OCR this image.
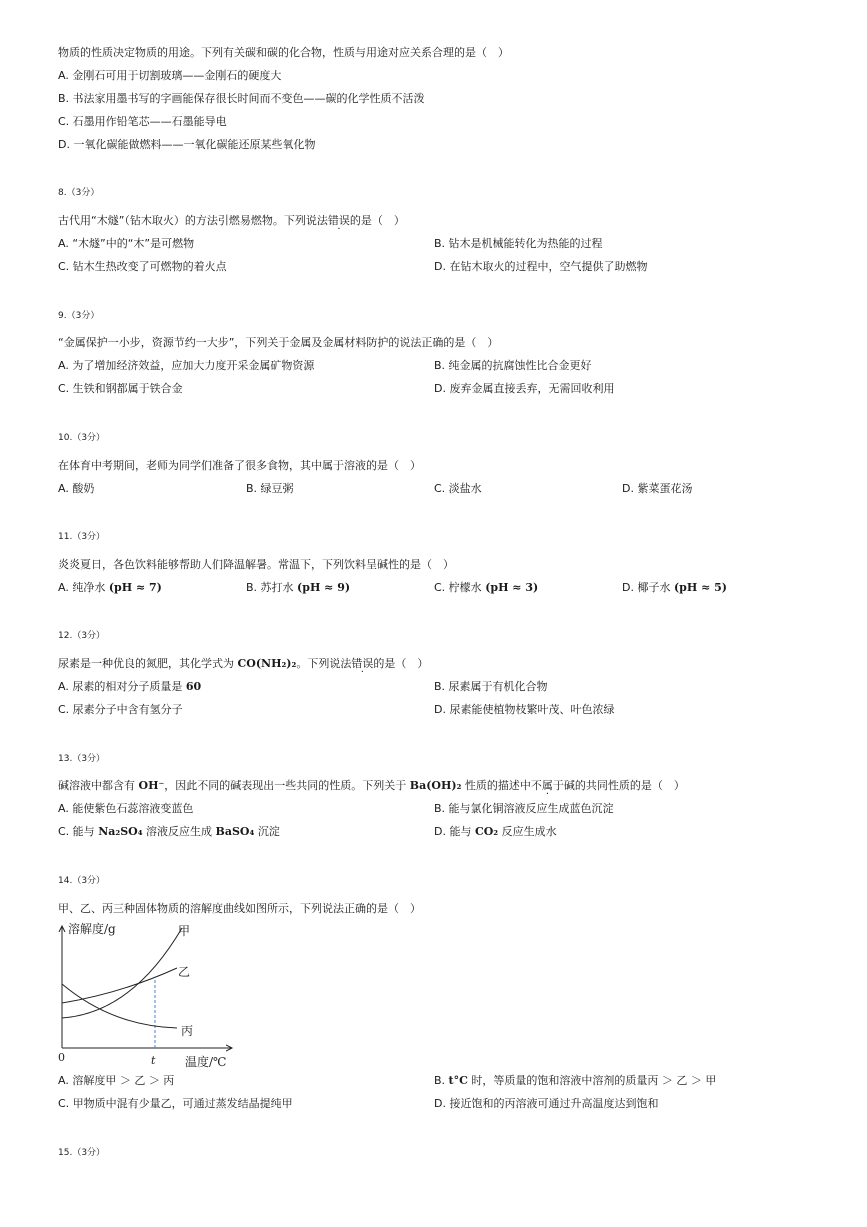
物质的性质决定物质的用途。下列有关碳和碳的化合物，性质与用途对应关系合理的是（　）
A. 金刚石可用于切割玻璃——金刚石的硬度大
B. 书法家用墨书写的字画能保存很长时间而不变色——碳的化学性质不活泼
C. 石墨用作铅笔芯——石墨能导电
D. 一氧化碳能做燃料——一氧化碳能还原某些氧化物
8.（3分）
古代用“木燧”（钻木取火）的方法引燃易燃物。下列说法错误的是（　）
A. “木燧”中的“木”是可燃物	B. 钻木是机械能转化为热能的过程
C. 钻木生热改变了可燃物的着火点	D. 在钻木取火的过程中，空气提供了助燃物
9.（3分）
“金属保护一小步，资源节约一大步”，下列关于金属及金属材料防护的说法正确的是（　）
A. 为了增加经济效益，应加大力度开采金属矿物资源	B. 纯金属的抗腐蚀性比合金更好
C. 生铁和钢都属于铁合金	D. 废弃金属直接丢弃，无需回收利用
10.（3分）
在体育中考期间，老师为同学们准备了很多食物，其中属于溶液的是（　）
A. 酸奶	B. 绿豆粥	C. 淡盐水	D. 紫菜蛋花汤
11.（3分）
炎炎夏日，各色饮料能够帮助人们降温解暑。常温下，下列饮料呈碱性的是（　）
A. 纯净水 (pH ≈ 7)	B. 苏打水 (pH ≈ 9)	C. 柠檬水 (pH ≈ 3)	D. 椰子水 (pH ≈ 5)
12.（3分）
尿素是一种优良的氮肥，其化学式为 CO(NH₂)₂。下列说法错误的是（　）
A. 尿素的相对分子质量是 60	B. 尿素属于有机化合物
C. 尿素分子中含有氢分子	D. 尿素能使植物枝繁叶茂、叶色浓绿
13.（3分）
碱溶液中都含有 OH⁻，因此不同的碱表现出一些共同的性质。下列关于 Ba(OH)₂ 性质的描述中不属于碱的共同性质的是（　）
A. 能使紫色石蕊溶液变蓝色	B. 能与氯化铜溶液反应生成蓝色沉淀
C. 能与 Na₂SO₄ 溶液反应生成 BaSO₄ 沉淀	D. 能与 CO₂ 反应生成水
14.（3分）
甲、乙、丙三种固体物质的溶解度曲线如图所示，下列说法正确的是（　）
溶解度/g
温度/℃
0	t
甲
乙
丙
A. 溶解度甲 ＞ 乙 ＞ 丙	B. t°C 时，等质量的饱和溶液中溶剂的质量丙 ＞ 乙 ＞ 甲
C. 甲物质中混有少量乙，可通过蒸发结晶提纯甲	D. 接近饱和的丙溶液可通过升高温度达到饱和
15.（3分）
